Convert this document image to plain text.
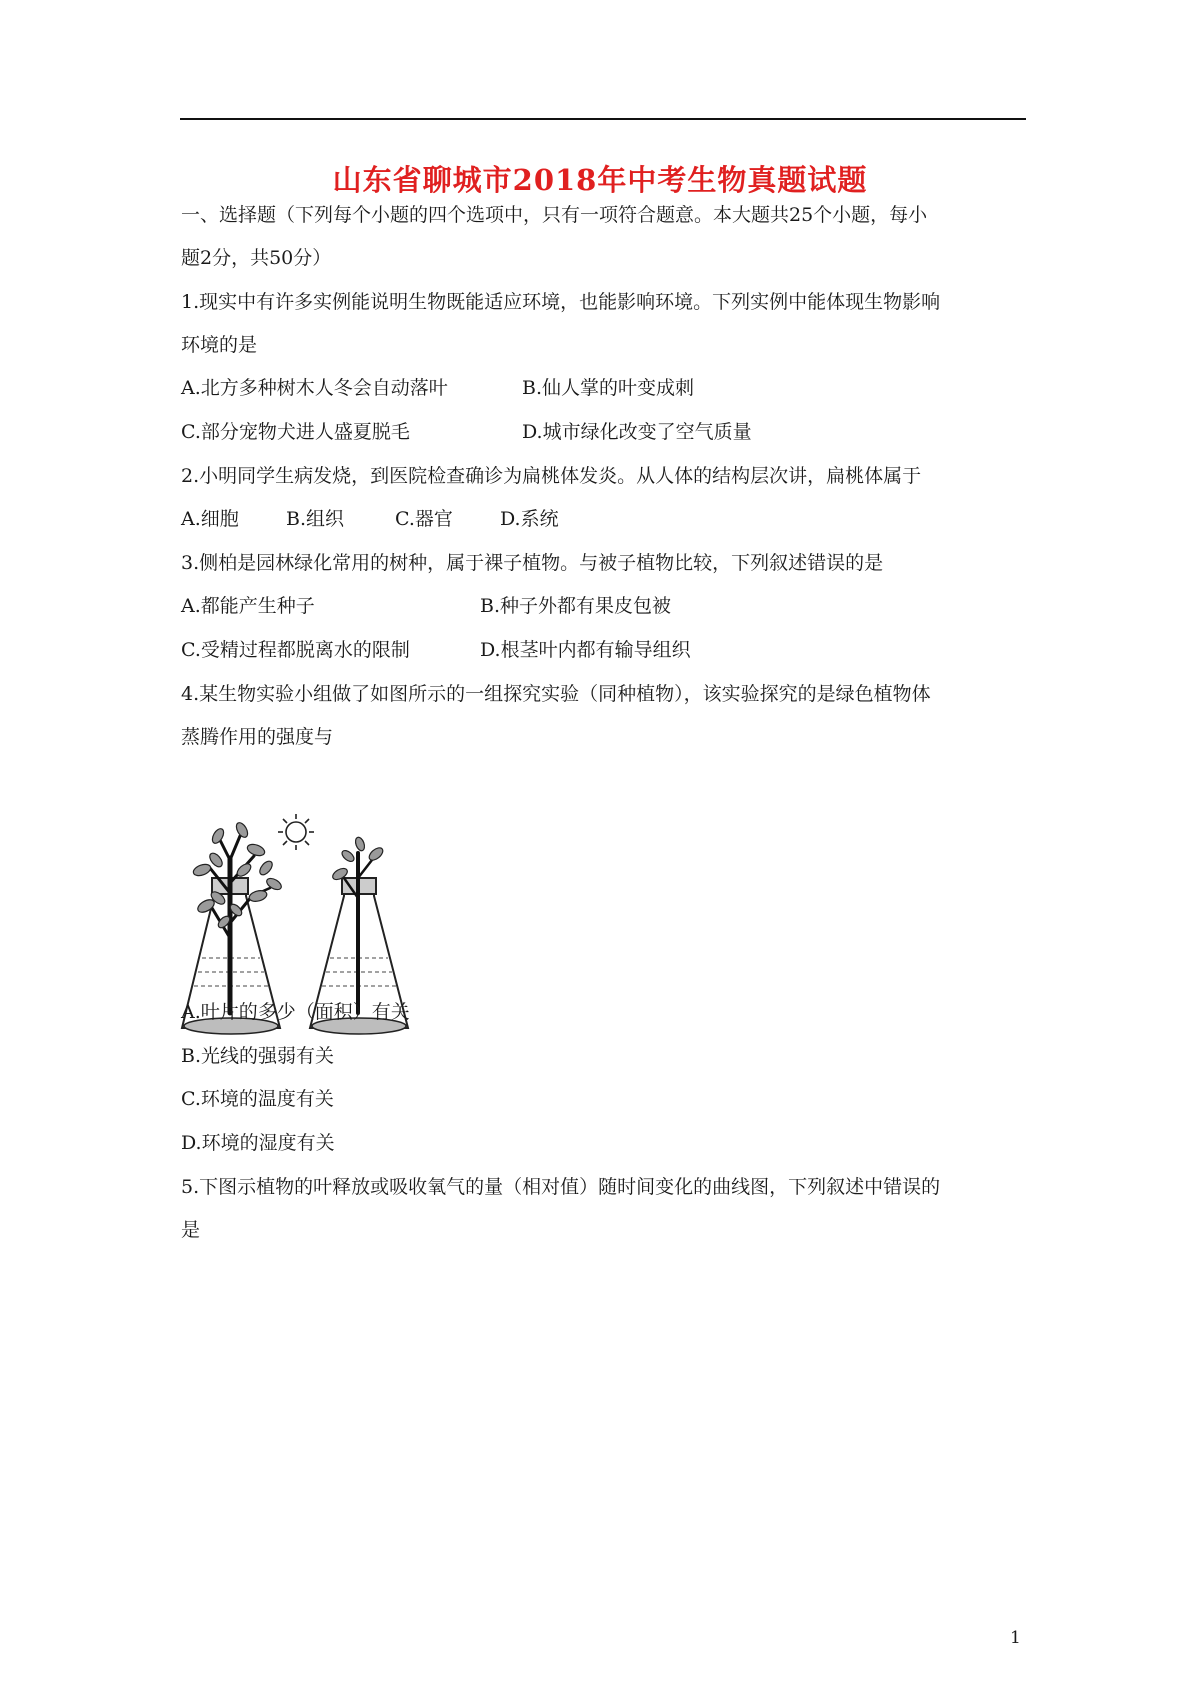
山东省聊城市2018年中考生物真题试题
一、选择题（下列每个小题的四个选项中，只有一项符合题意。本大题共25个小题，每小
题2分，共50分）
1.现实中有许多实例能说明生物既能适应环境，也能影响环境。下列实例中能体现生物影响
环境的是
A.北方多种树木人冬会自动落叶	B.仙人掌的叶变成刺
C.部分宠物犬进人盛夏脱毛	D.城市绿化改变了空气质量
2.小明同学生病发烧，到医院检查确诊为扁桃体发炎。从人体的结构层次讲，扁桃体属于
A.细胞 B.组织	C.器官 D.系统
3.侧柏是园林绿化常用的树种，属于裸子植物。与被子植物比较，下列叙述错误的是
A.都能产生种子	B.种子外都有果皮包被
C.受精过程都脱离水的限制	D.根茎叶内都有输导组织
4.某生物实验小组做了如图所示的一组探究实验（同种植物），该实验探究的是绿色植物体
蒸腾作用的强度与
A.叶片的多少（面积）有关
B.光线的强弱有关
C.环境的温度有关
D.环境的湿度有关
5.下图示植物的叶释放或吸收氧气的量（相对值）随时间变化的曲线图，下列叙述中错误的
是
1
